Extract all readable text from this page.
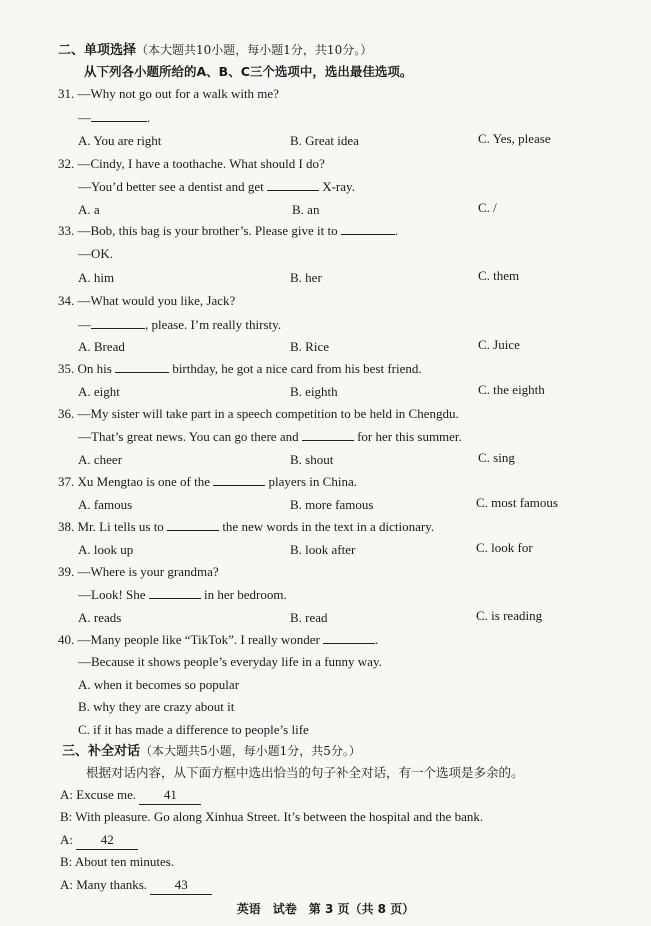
二、单项选择（本大题共10小题，每小题1分，共10分。）
从下列各小题所给的A、B、C三个选项中，选出最佳选项。
31. —Why not go out for a walk with me?
—	.
A. You are right	B. Great idea	C. Yes, please
32. —Cindy, I have a toothache. What should I do?
—You’d better see a dentist and get	X-ray.
A. a	B. an	C. /
33. —Bob, this bag is your brother’s. Please give it to	.
—OK.
A. him	B. her	C. them
34. —What would you like, Jack?
—	, please. I’m really thirsty.
A. Bread	B. Rice	C. Juice
35. On his	birthday, he got a nice card from his best friend.
A. eight	B. eighth	C. the eighth
36. —My sister will take part in a speech competition to be held in Chengdu.
—That’s great news. You can go there and	for her this summer.
A. cheer	B. shout	C. sing
37. Xu Mengtao is one of the	players in China.
A. famous	B. more famous	C. most famous
38. Mr. Li tells us to	the new words in the text in a dictionary.
A. look up	B. look after	C. look for
39. —Where is your grandma?
—Look! She	in her bedroom.
A. reads	B. read	C. is reading
40. —Many people like “TikTok”. I really wonder	.
—Because it shows people’s everyday life in a funny way.
A. when it becomes so popular
B. why they are crazy about it
C. if it has made a difference to people’s life
三、补全对话（本大题共5小题，每小题1分，共5分。）
根据对话内容，从下面方框中选出恰当的句子补全对话，有一个选项是多余的。
A: Excuse me. 41
B: With pleasure. Go along Xinhua Street. It’s between the hospital and the bank.
A: 42
B: About ten minutes.
A: Many thanks. 43
英语　试卷　第 3 页（共 8 页）
